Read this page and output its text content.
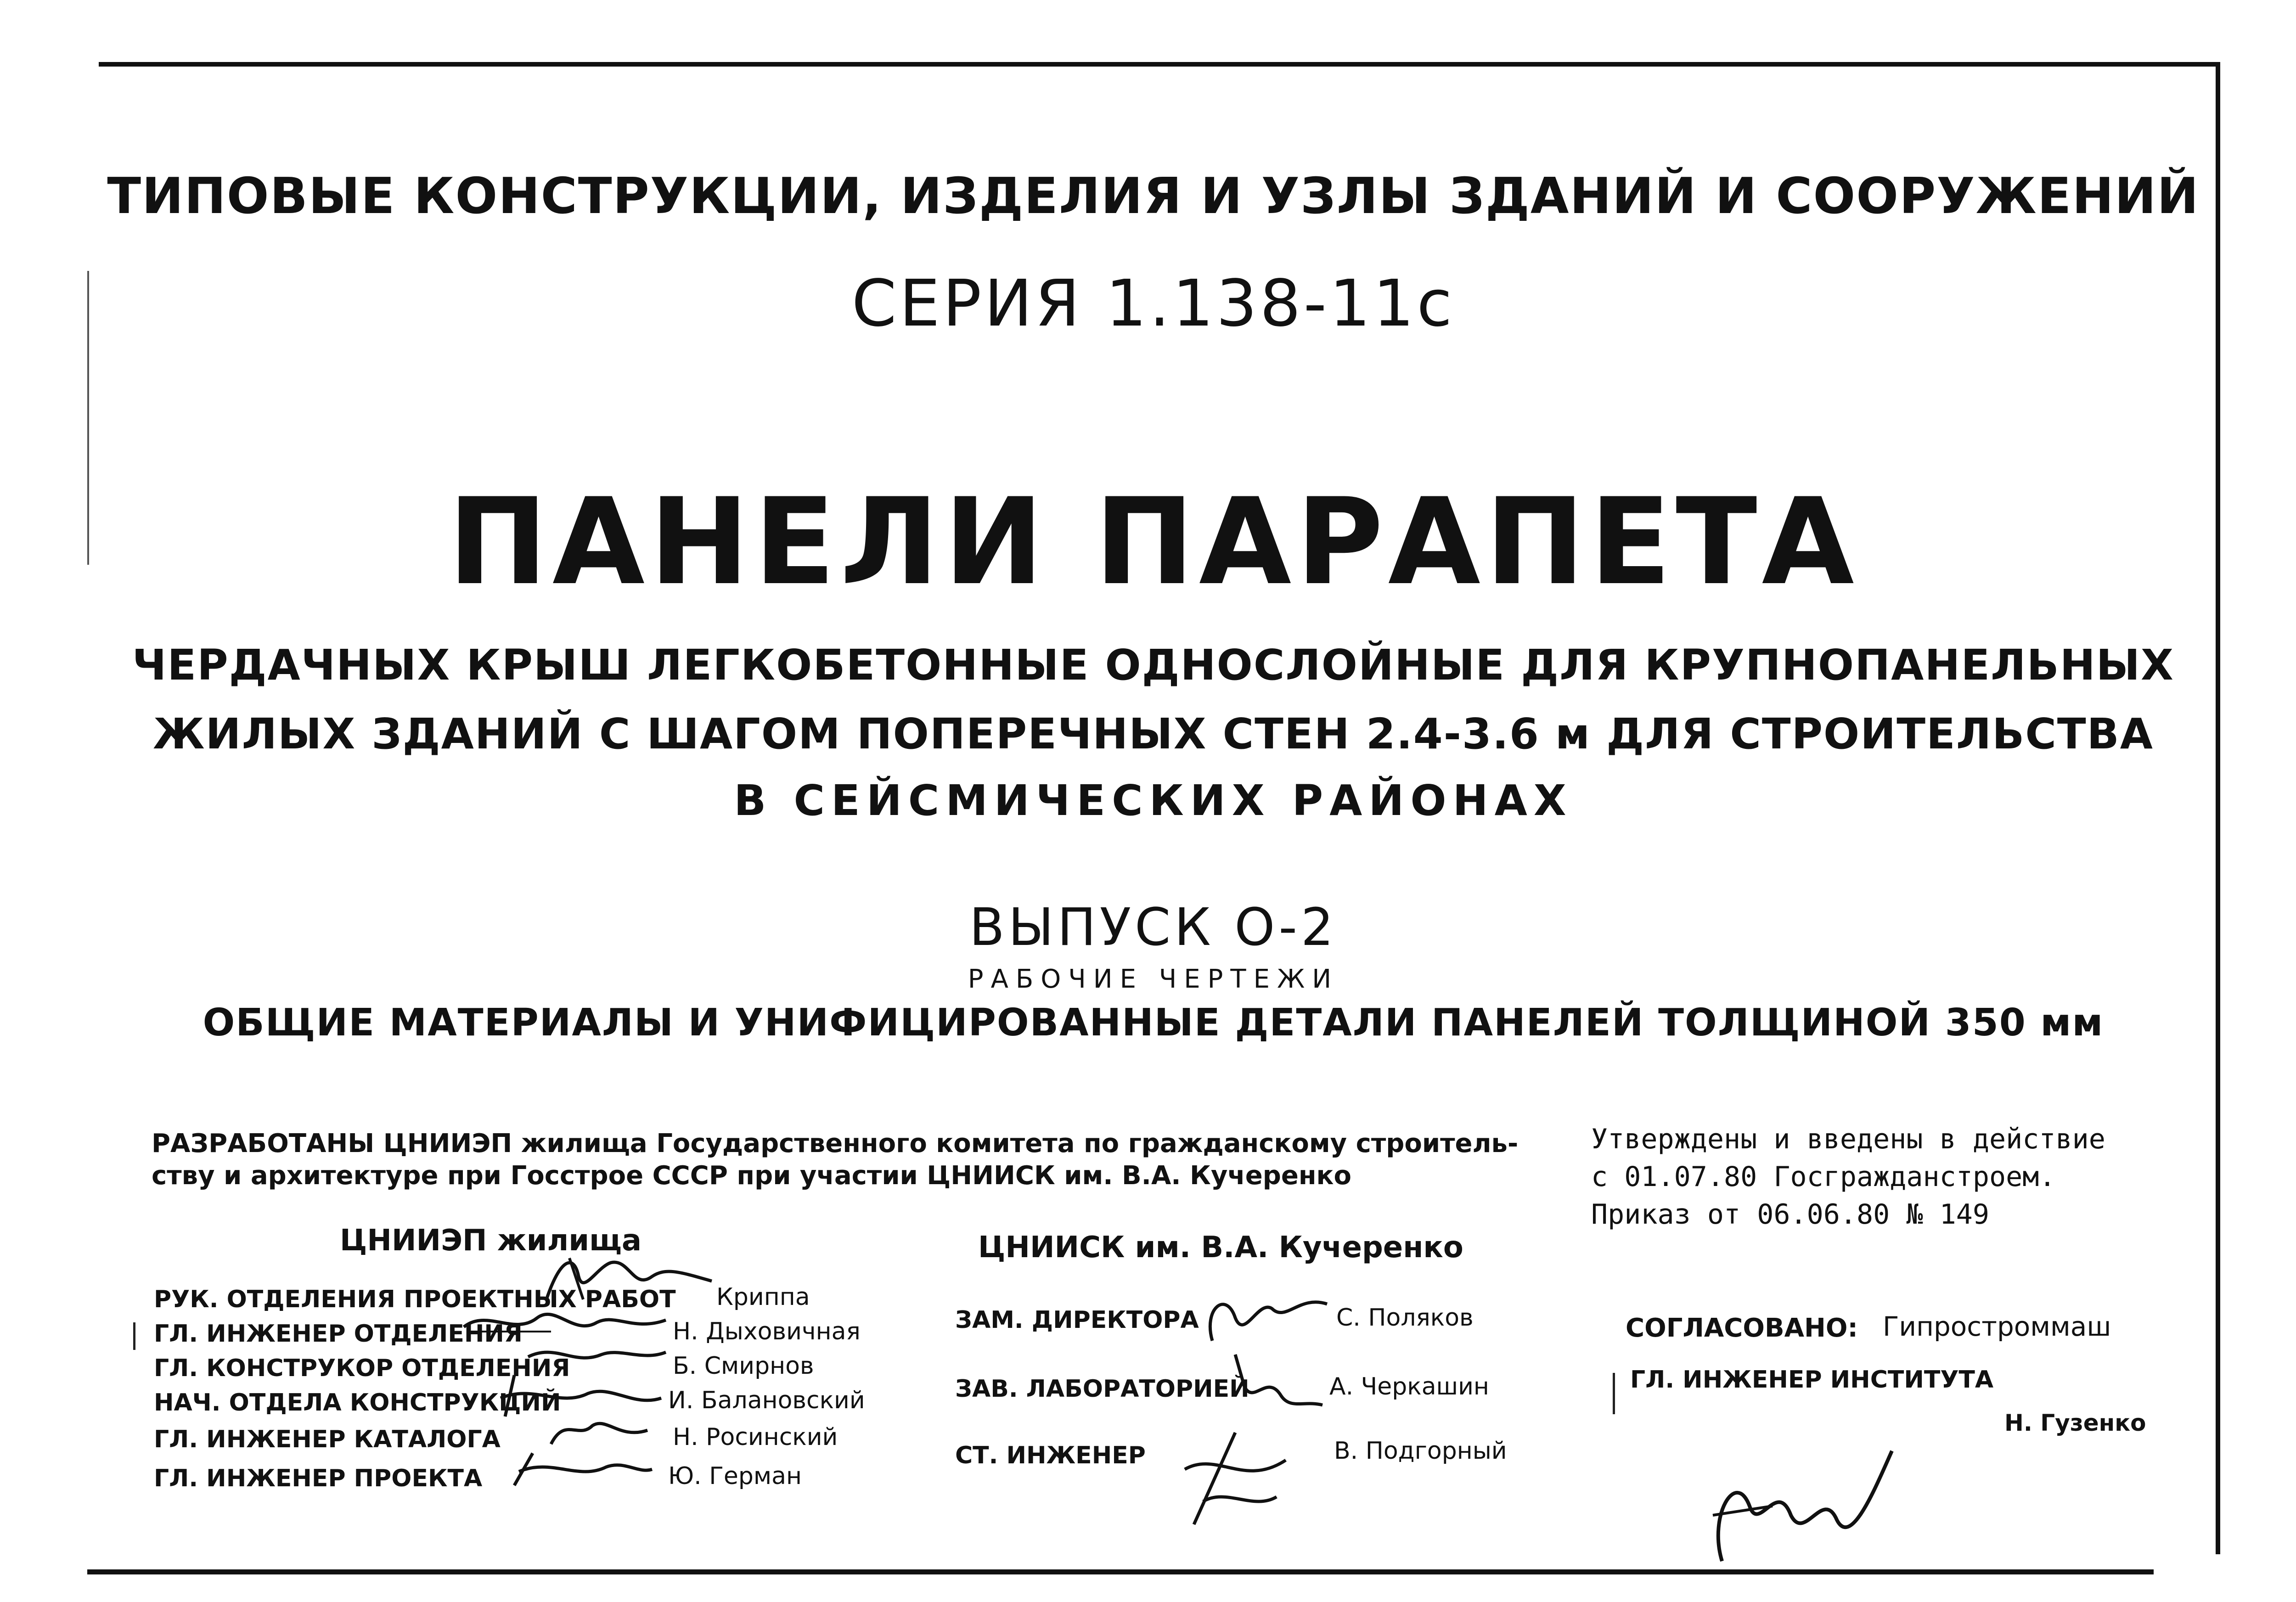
ТИПОВЫЕ КОНСТРУКЦИИ, ИЗДЕЛИЯ И УЗЛЫ ЗДАНИЙ И СООРУЖЕНИЙ
СЕРИЯ 1.138-11с
ПАНЕЛИ ПАРАПЕТА
ЧЕРДАЧНЫХ КРЫШ ЛЕГКОБЕТОННЫЕ ОДНОСЛОЙНЫЕ ДЛЯ КРУПНОПАНЕЛЬНЫХ
ЖИЛЫХ ЗДАНИЙ С ШАГОМ ПОПЕРЕЧНЫХ СТЕН 2.4-3.6 м ДЛЯ СТРОИТЕЛЬСТВА
В СЕЙСМИЧЕСКИХ РАЙОНАХ
ВЫПУСК О-2
РАБОЧИЕ ЧЕРТЕЖИ
ОБЩИЕ МАТЕРИАЛЫ И УНИФИЦИРОВАННЫЕ ДЕТАЛИ ПАНЕЛЕЙ ТОЛЩИНОЙ 350 мм
РАЗРАБОТАНЫ ЦНИИЭП жилища Государственного комитета по гражданскому строитель-
ству и архитектуре при Госстрое СССР при участии ЦНИИСК им. В.А. Кучеренко
Утверждены и введены в действие
с 01.07.80 Госгражданстроем.
Приказ от 06.06.80 № 149
ЦНИИЭП жилища
РУК. ОТДЕЛЕНИЯ ПРОЕКТНЫХ РАБОТ Криппа
ГЛ. ИНЖЕНЕР ОТДЕЛЕНИЯ	Н. Дыховичная
ГЛ. КОНСТРУКОР ОТДЕЛЕНИЯ	Б. Смирнов
НАЧ. ОТДЕЛА КОНСТРУКЦИЙ	И. Балановский
ГЛ. ИНЖЕНЕР КАТАЛОГА	Н. Росинский
ГЛ. ИНЖЕНЕР ПРОЕКТА	Ю. Герман
ЦНИИСК им. В.А. Кучеренко
ЗАМ. ДИРЕКТОРА	С. Поляков
ЗАВ. ЛАБОРАТОРИЕЙ	А. Черкашин
СТ. ИНЖЕНЕР	В. Подгорный
СОГЛАСОВАНО: Гипростроммаш
ГЛ. ИНЖЕНЕР ИНСТИТУТА
Н. Гузенко
